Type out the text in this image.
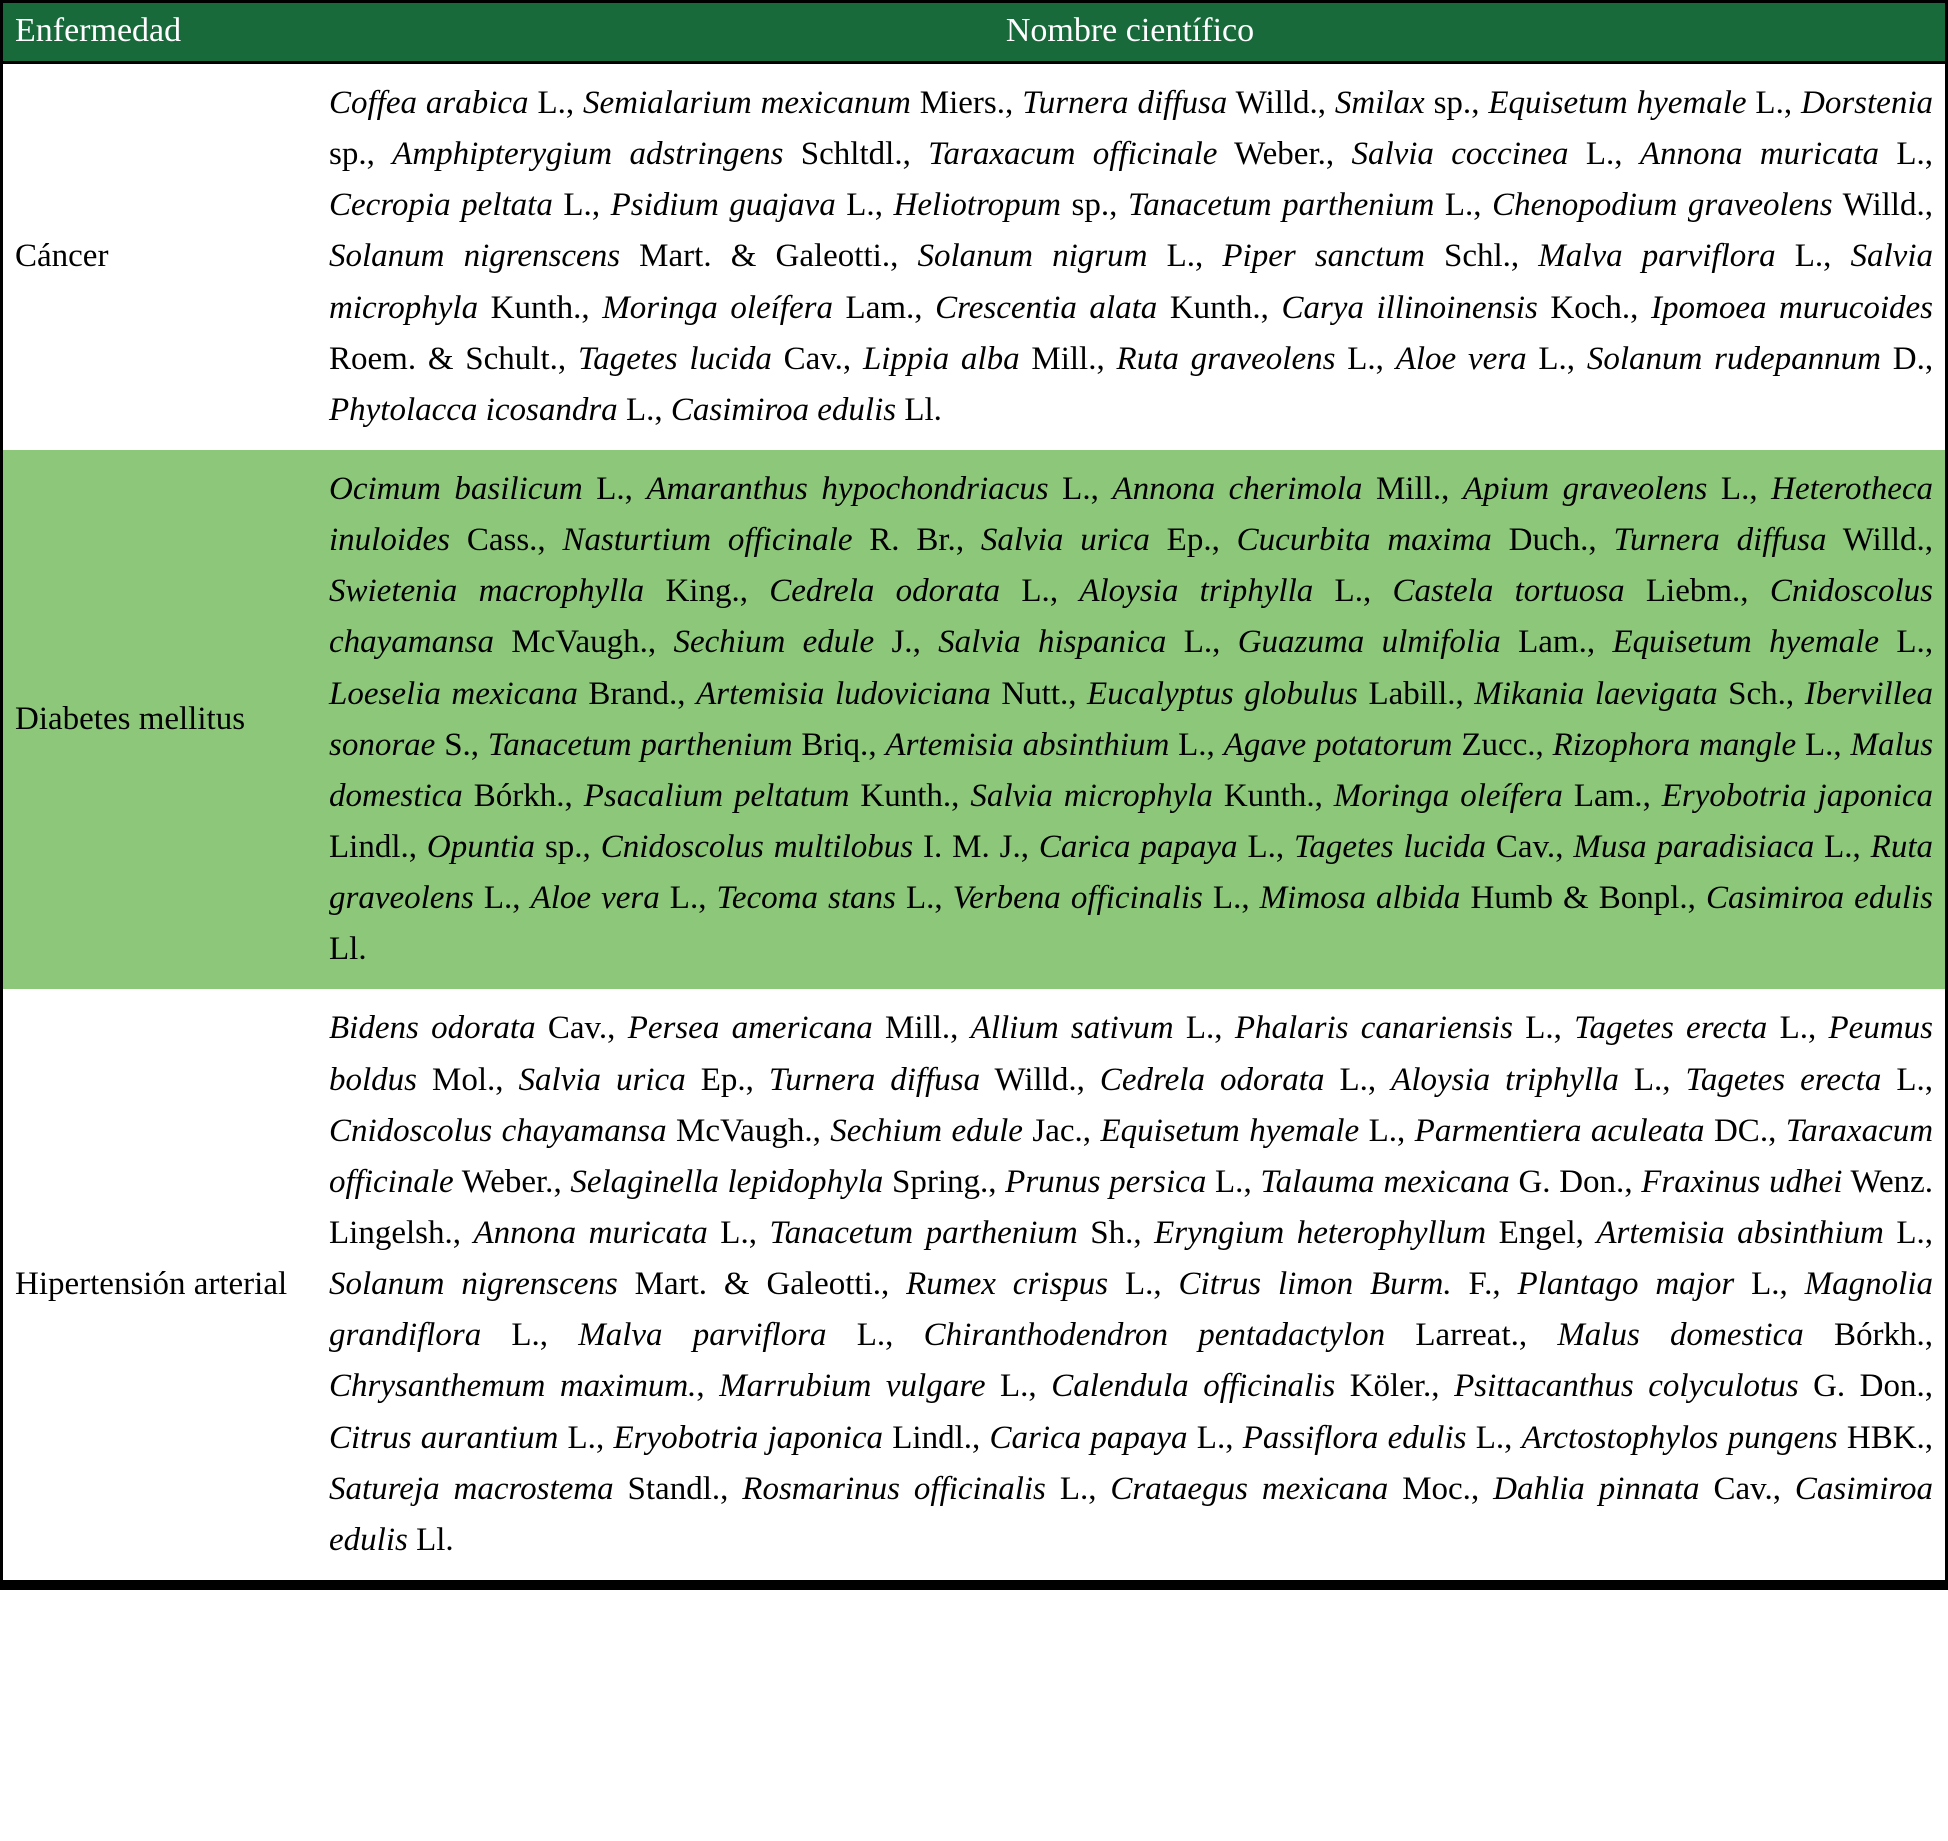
Enfermedad	Nombre científico
Cáncer
Coffea arabica L., Semialarium mexicanum Miers., Turnera diffusa Willd., Smilax sp., Equisetum hyemale L., Dorstenia sp., Amphipterygium adstringens Schltdl., Taraxacum officinale Weber., Salvia coccinea L., Annona muricata L., Cecropia peltata L., Psidium guajava L., Heliotropum sp., Tanacetum parthenium L., Chenopodium graveolens Willd., Solanum nigrenscens Mart. & Galeotti., Solanum nigrum L., Piper sanctum Schl., Malva parviflora L., Salvia microphyla Kunth., Moringa oleífera Lam., Crescentia alata Kunth., Carya illinoinensis Koch., Ipomoea murucoides Roem. & Schult., Tagetes lucida Cav., Lippia alba Mill., Ruta graveolens L., Aloe vera L., Solanum rudepannum D., Phytolacca icosandra L., Casimiroa edulis Ll.
Diabetes mellitus
Ocimum basilicum L., Amaranthus hypochondriacus L., Annona cherimola Mill., Apium graveolens L., Heterotheca inuloides Cass., Nasturtium officinale R. Br., Salvia urica Ep., Cucurbita maxima Duch., Turnera diffusa Willd., Swietenia macrophylla King., Cedrela odorata L., Aloysia triphylla L., Castela tortuosa Liebm., Cnidoscolus chayamansa McVaugh., Sechium edule J., Salvia hispanica L., Guazuma ulmifolia Lam., Equisetum hyemale L., Loeselia mexicana Brand., Artemisia ludoviciana Nutt., Eucalyptus globulus Labill., Mikania laevigata Sch., Ibervillea sonorae S., Tanacetum parthenium Briq., Artemisia absinthium L., Agave potatorum Zucc., Rizophora mangle L., Malus domestica Bórkh., Psacalium peltatum Kunth., Salvia microphyla Kunth., Moringa oleífera Lam., Eryobotria japonica Lindl., Opuntia sp., Cnidoscolus multilobus I. M. J., Carica papaya L., Tagetes lucida Cav., Musa paradisiaca L., Ruta graveolens L., Aloe vera L., Tecoma stans L., Verbena officinalis L., Mimosa albida Humb & Bonpl., Casimiroa edulis Ll.
Hipertensión arterial
Bidens odorata Cav., Persea americana Mill., Allium sativum L., Phalaris canariensis L., Tagetes erecta L., Peumus boldus Mol., Salvia urica Ep., Turnera diffusa Willd., Cedrela odorata L., Aloysia triphylla L., Tagetes erecta L., Cnidoscolus chayamansa McVaugh., Sechium edule Jac., Equisetum hyemale L., Parmentiera aculeata DC., Taraxacum officinale Weber., Selaginella lepidophyla Spring., Prunus persica L., Talauma mexicana G. Don., Fraxinus udhei Wenz. Lingelsh., Annona muricata L., Tanacetum parthenium Sh., Eryngium heterophyllum Engel, Artemisia absinthium L., Solanum nigrenscens Mart. & Galeotti., Rumex crispus L., Citrus limon Burm. F., Plantago major L., Magnolia grandiflora L., Malva parviflora L., Chiranthodendron pentadactylon Larreat., Malus domestica Bórkh., Chrysanthemum maximum., Marrubium vulgare L., Calendula officinalis Köler., Psittacanthus colyculotus G. Don., Citrus aurantium L., Eryobotria japonica Lindl., Carica papaya L., Passiflora edulis L., Arctostophylos pungens HBK., Satureja macrostema Standl., Rosmarinus officinalis L., Crataegus mexicana Moc., Dahlia pinnata Cav., Casimiroa edulis Ll.
